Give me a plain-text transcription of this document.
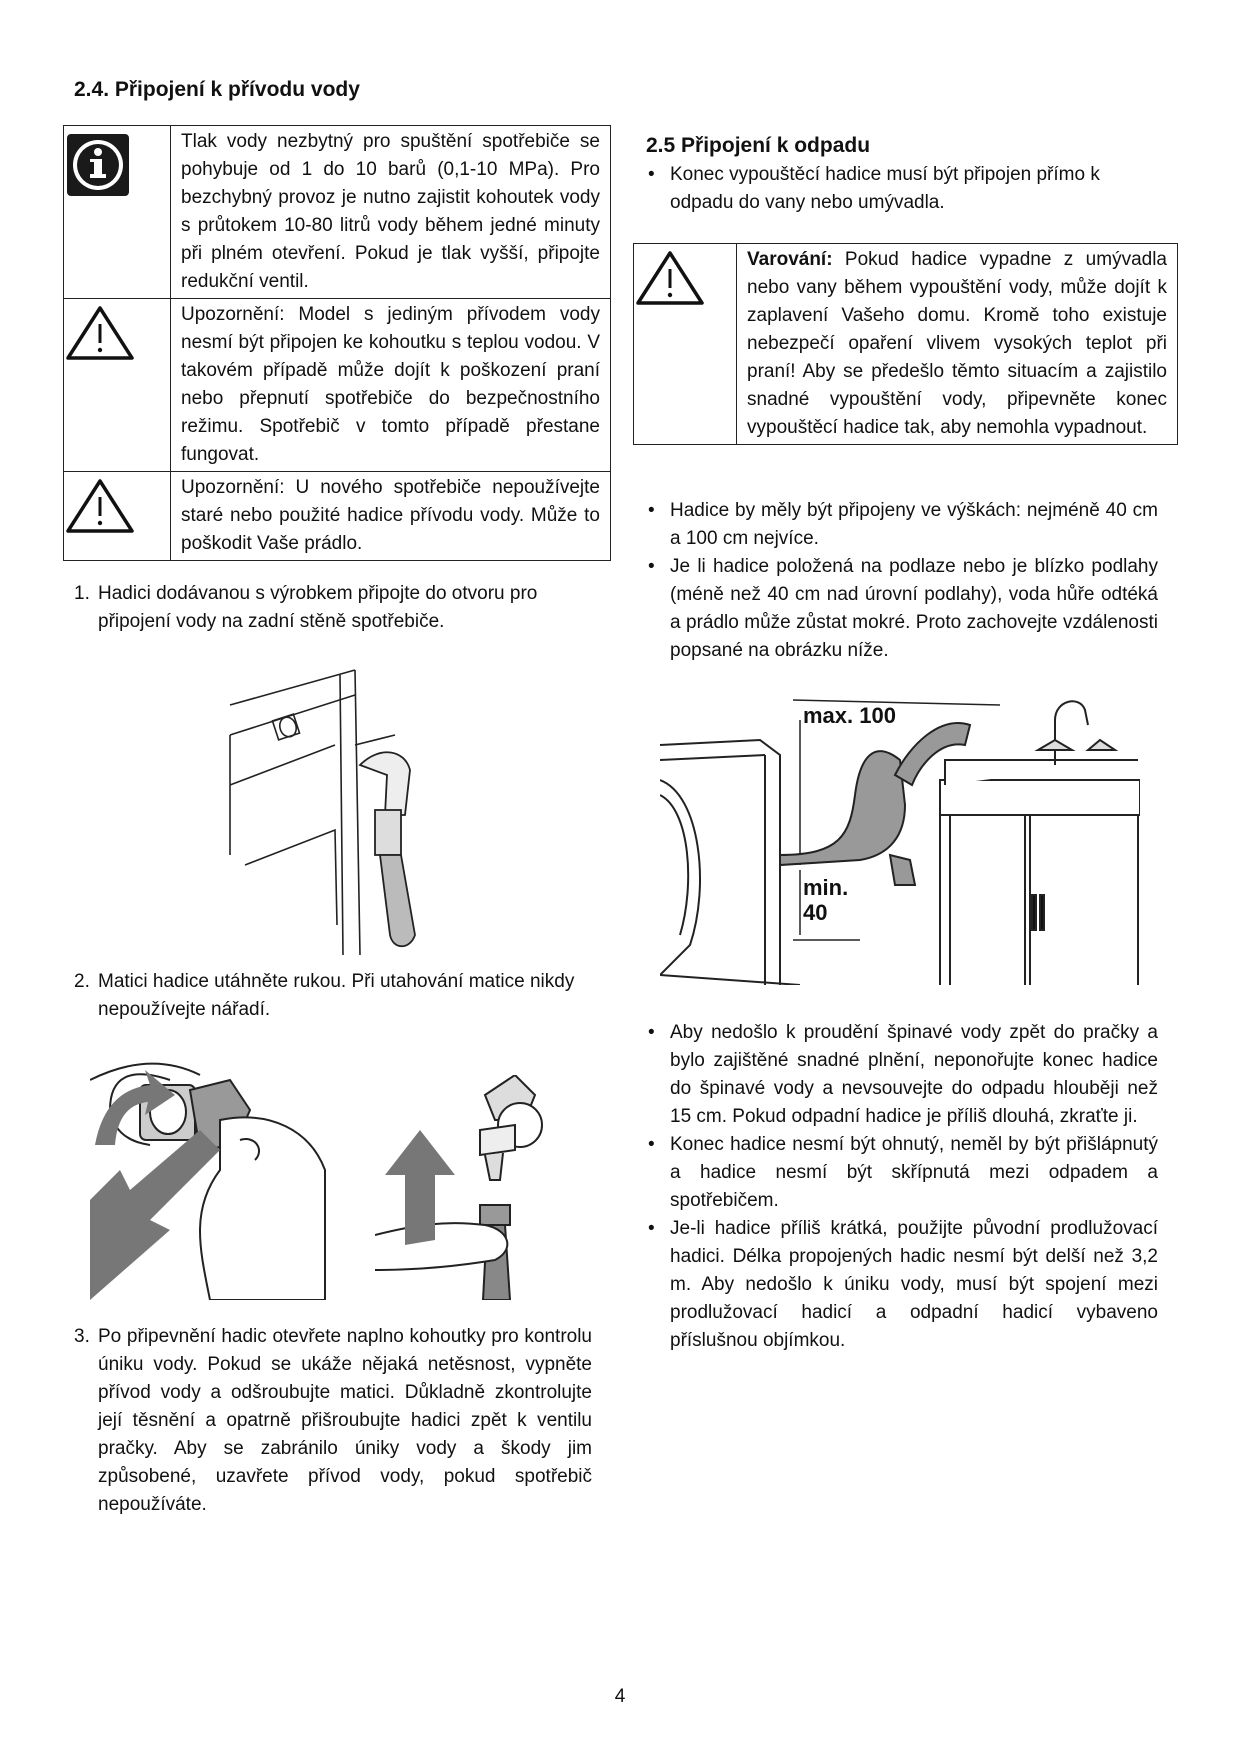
2.4. Připojení k přívodu vody
	Tlak vody nezbytný pro spuštění spotřebiče se pohybuje od 1 do 10 barů (0,1-10 MPa). Pro bezchybný provoz je nutno zajistit kohoutek vody s průtokem 10-80 litrů vody během jedné minuty při plném otevření. Pokud je tlak vyšší, připojte redukční ventil.

	Upozornění: Model s jediným přívodem vody nesmí být připojen ke kohoutku s teplou vodou. V takovém případě může dojít k poškození praní nebo přepnutí spotřebiče do bezpečnostního režimu. Spotřebič v tomto případě přestane fungovat.

	Upozornění: U nového spotřebiče nepoužívejte staré nebo použité hadice přívodu vody. Může to poškodit Vaše prádlo.
1. Hadici dodávanou s výrobkem připojte do otvoru pro připojení vody na zadní stěně spotřebiče.
2. Matici hadice utáhněte rukou. Při utahování matice nikdy nepoužívejte nářadí.
3. Po připevnění hadic otevřete naplno kohoutky pro kontrolu úniku vody. Pokud se ukáže nějaká netěsnost, vypněte přívod vody a odšroubujte matici. Důkladně zkontrolujte její těsnění a opatrně přišroubujte hadici zpět k ventilu pračky. Aby se zabránilo úniky vody a škody jim způsobené, uzavřete přívod vody, pokud spotřebič nepoužíváte.
2.5 Připojení k odpadu
• Konec vypouštěcí hadice musí být připojen přímo k odpadu do vany nebo umývadla.
	Varování: Pokud hadice vypadne z umývadla nebo vany během vypouštění vody, může dojít k zaplavení Vašeho domu. Kromě toho existuje nebezpečí opaření vlivem vysokých teplot při praní! Aby se předešlo těmto situacím a zajistilo snadné vypouštění vody, připevněte konec vypouštěcí hadice tak, aby nemohla vypadnout.
• Hadice by měly být připojeny ve výškách: nejméně 40 cm a 100 cm nejvíce.
• Je li hadice položená na podlaze nebo je blízko podlahy (méně než 40 cm nad úrovní podlahy), voda hůře odtéká a prádlo může zůstat mokré. Proto zachovejte vzdálenosti popsané na obrázku níže.
max. 100
min.
40
• Aby nedošlo k proudění špinavé vody zpět do pračky a bylo zajištěné snadné plnění, neponořujte konec hadice do špinavé vody a nevsouvejte do odpadu hlouběji než 15 cm. Pokud odpadní hadice je příliš dlouhá, zkraťte ji.
• Konec hadice nesmí být ohnutý, neměl by být přišlápnutý a hadice nesmí být skřípnutá mezi odpadem a spotřebičem.
• Je-li hadice příliš krátká, použijte původní prodlužovací hadici. Délka propojených hadic nesmí být delší než 3,2 m. Aby nedošlo k úniku vody, musí být spojení mezi prodlužovací hadicí a odpadní hadicí vybaveno příslušnou objímkou.
4
